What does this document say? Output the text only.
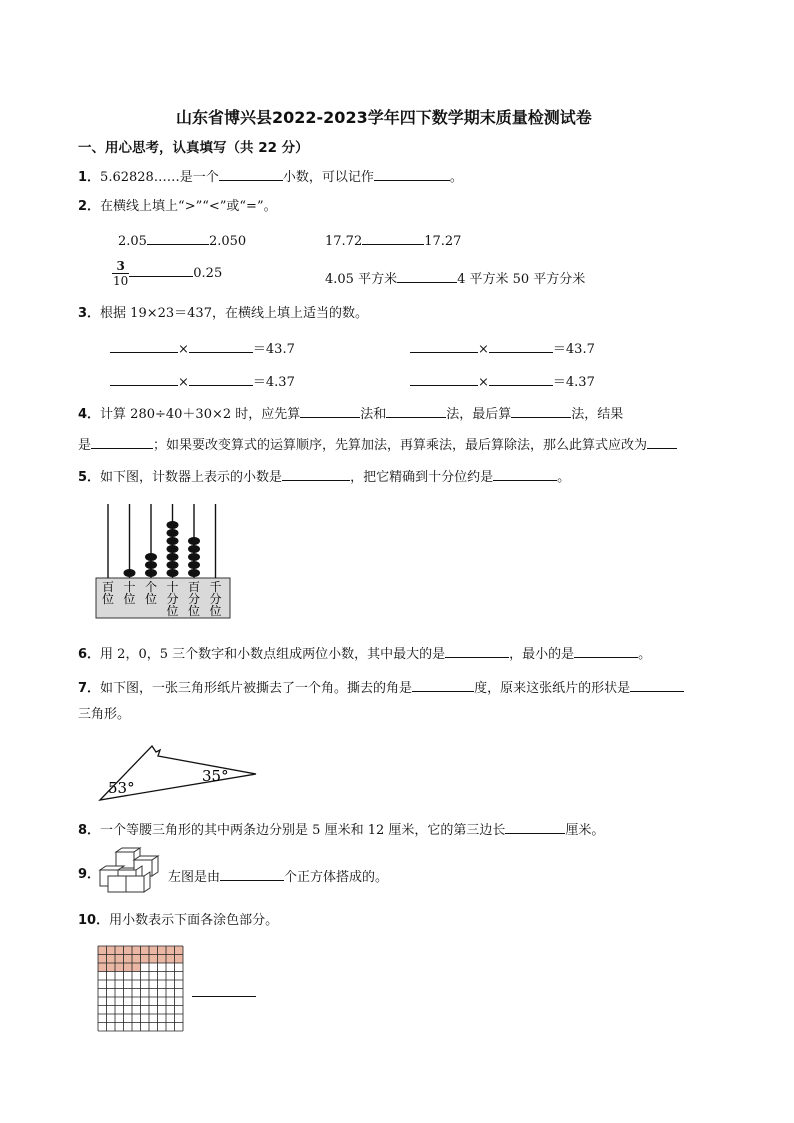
山东省博兴县2022-2023学年四下数学期末质量检测试卷
一、用心思考，认真填写（共 22 分）
1．5.62828……是一个	小数，可以记作	。
2．在横线上填上“>”“<”或“=”。
2.05	2.050	17.72	17.27
$\frac{3}{10}$	0.25	4.05 平方米	4 平方米 50 平方分米
3．根据 19×23＝437，在横线上填上适当的数。
×	＝43.7	×	＝43.7
×	＝4.37	×	＝4.37
4．计算 280÷40＋30×2 时，应先算	法和	法，最后算	法，结果
是	；如果要改变算式的运算顺序，先算加法，再算乘法，最后算除法，那么此算式应改为
5．如下图，计数器上表示的小数是	，把它精确到十分位约是	。
百
位
十
位
个
位
十
分
位
百
分
位
千
分
位
6．用 2，0，5 三个数字和小数点组成两位小数，其中最大的是	，最小的是	。
7．如下图，一张三角形纸片被撕去了一个角。撕去的角是	度，原来这张纸片的形状是
三角形。
53°
35°
8．一个等腰三角形的其中两条边分别是 5 厘米和 12 厘米，它的第三边长	厘米。
9．	左图是由	个正方体搭成的。
10．用小数表示下面各涂色部分。
